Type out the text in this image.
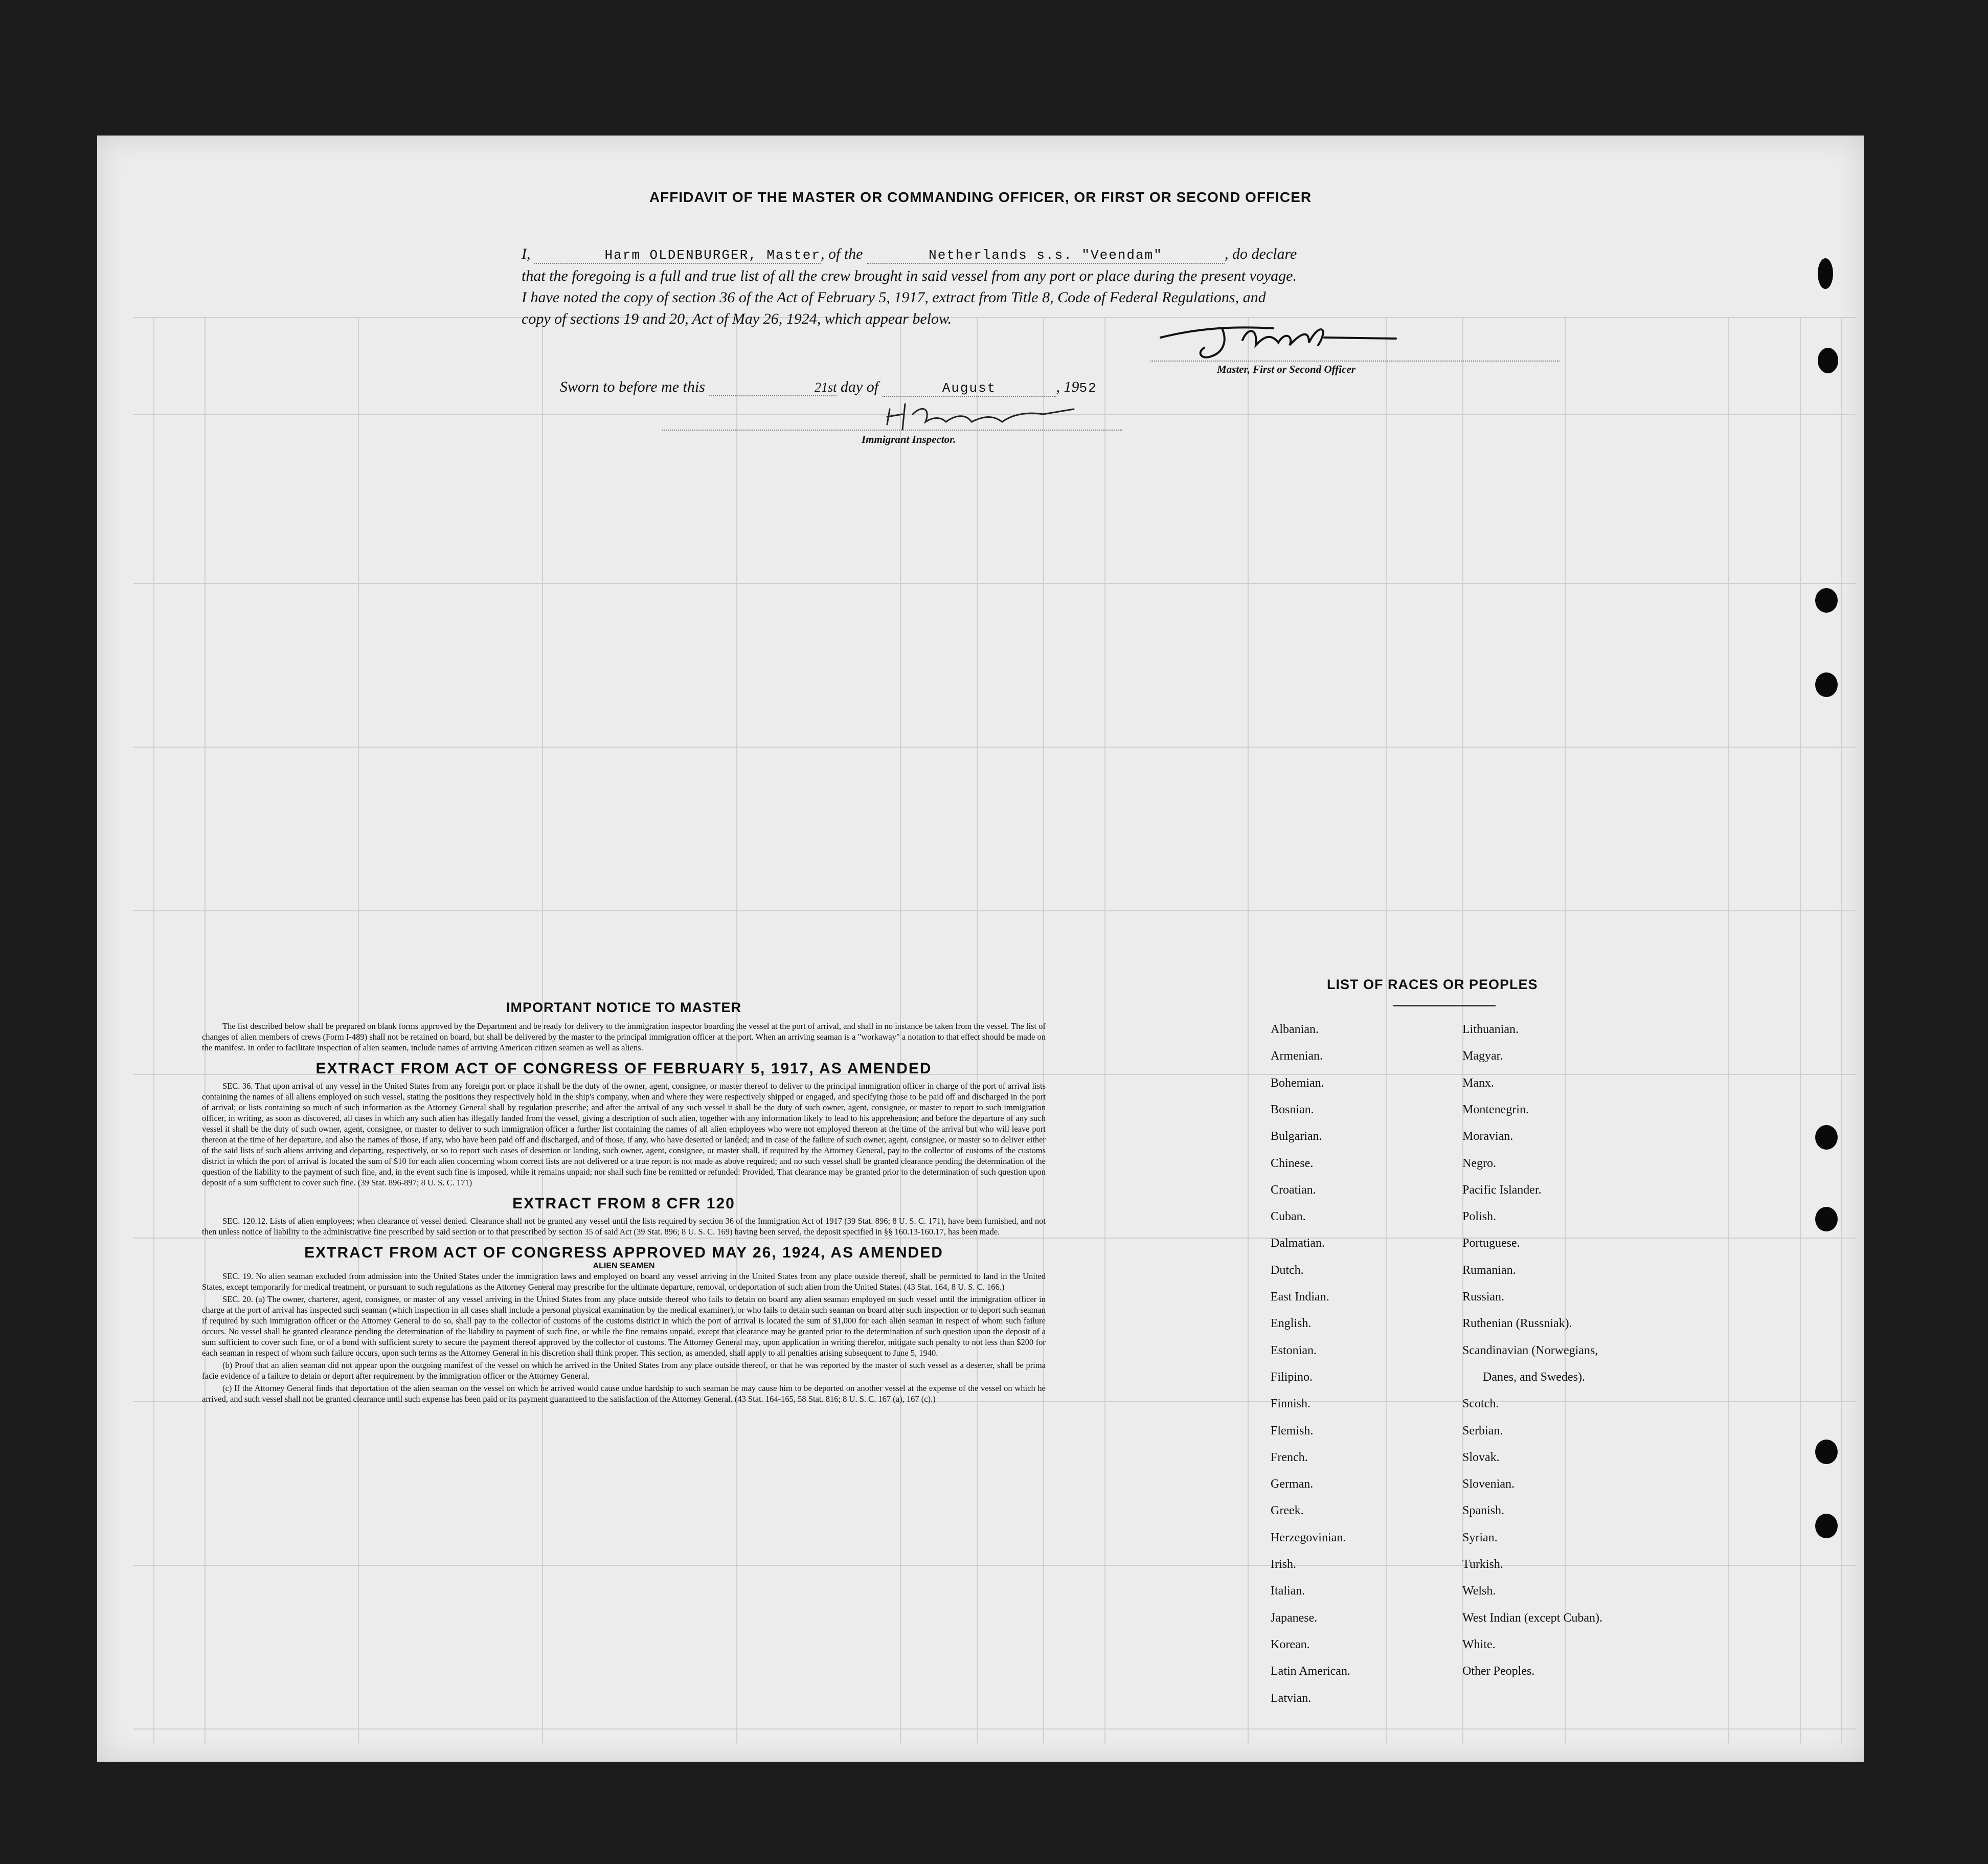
AFFIDAVIT OF THE MASTER OR COMMANDING OFFICER, OR FIRST OR SECOND OFFICER
I,	Harm OLDENBURGER, Master, of the	Netherlands s.s. "Veendam"	, do declare
that the foregoing is a full and true list of all the crew brought in said vessel from any port or place during the present voyage.
I have noted the copy of section 36 of the Act of February 5, 1917, extract from Title 8, Code of Federal Regulations, and
copy of sections 19 and 20, Act of May 26, 1924, which appear below.
Master, First or Second Officer
Sworn to before me this	21st day of	August	, 1952
Immigrant Inspector.
IMPORTANT NOTICE TO MASTER

The list described below shall be prepared on blank forms approved by the Department and be ready for delivery to the immigration inspector boarding the vessel at the port of arrival, and shall in no instance be taken from the vessel. The list of changes of alien members of crews (Form I-489) shall not be retained on board, but shall be delivered by the master to the principal immigration officer at the port. When an arriving seaman is a "workaway" a notation to that effect should be made on the manifest. In order to facilitate inspection of alien seamen, include names of arriving American citizen seamen as well as aliens.

EXTRACT FROM ACT OF CONGRESS OF FEBRUARY 5, 1917, AS AMENDED

SEC. 36. That upon arrival of any vessel in the United States from any foreign port or place it shall be the duty of the owner, agent, consignee, or master thereof to deliver to the principal immigration officer in charge of the port of arrival lists containing the names of all aliens employed on such vessel, stating the positions they respectively hold in the ship's company, when and where they were respectively shipped or engaged, and specifying those to be paid off and discharged in the port of arrival; or lists containing so much of such information as the Attorney General shall by regulation prescribe; and after the arrival of any such vessel it shall be the duty of such owner, agent, consignee, or master to report to such immigration officer, in writing, as soon as discovered, all cases in which any such alien has illegally landed from the vessel, giving a description of such alien, together with any information likely to lead to his apprehension; and before the departure of any such vessel it shall be the duty of such owner, agent, consignee, or master to deliver to such immigration officer a further list containing the names of all alien employees who were not employed thereon at the time of the arrival but who will leave port thereon at the time of her departure, and also the names of those, if any, who have been paid off and discharged, and of those, if any, who have deserted or landed; and in case of the failure of such owner, agent, consignee, or master so to deliver either of the said lists of such aliens arriving and departing, respectively, or so to report such cases of desertion or landing, such owner, agent, consignee, or master shall, if required by the Attorney General, pay to the collector of customs of the customs district in which the port of arrival is located the sum of $10 for each alien concerning whom correct lists are not delivered or a true report is not made as above required; and no such vessel shall be granted clearance pending the determination of the question of the liability to the payment of such fine, and, in the event such fine is imposed, while it remains unpaid; nor shall such fine be remitted or refunded: Provided, That clearance may be granted prior to the determination of such question upon deposit of a sum sufficient to cover such fine. (39 Stat. 896-897; 8 U. S. C. 171)

EXTRACT FROM 8 CFR 120

SEC. 120.12. Lists of alien employees; when clearance of vessel denied. Clearance shall not be granted any vessel until the lists required by section 36 of the Immigration Act of 1917 (39 Stat. 896; 8 U. S. C. 171), have been furnished, and not then unless notice of liability to the administrative fine prescribed by said section or to that prescribed by section 35 of said Act (39 Stat. 896; 8 U. S. C. 169) having been served, the deposit specified in §§ 160.13-160.17, has been made.

EXTRACT FROM ACT OF CONGRESS APPROVED MAY 26, 1924, AS AMENDED
ALIEN SEAMEN

SEC. 19. No alien seaman excluded from admission into the United States under the immigration laws and employed on board any vessel arriving in the United States from any place outside thereof, shall be permitted to land in the United States, except temporarily for medical treatment, or pursuant to such regulations as the Attorney General may prescribe for the ultimate departure, removal, or deportation of such alien from the United States. (43 Stat. 164, 8 U. S. C. 166.)

SEC. 20. (a) The owner, charterer, agent, consignee, or master of any vessel arriving in the United States from any place outside thereof who fails to detain on board any alien seaman employed on such vessel until the immigration officer in charge at the port of arrival has inspected such seaman (which inspection in all cases shall include a personal physical examination by the medical examiner), or who fails to detain such seaman on board after such inspection or to deport such seaman if required by such immigration officer or the Attorney General to do so, shall pay to the collector of customs of the customs district in which the port of arrival is located the sum of $1,000 for each alien seaman in respect of whom such failure occurs. No vessel shall be granted clearance pending the determination of the liability to payment of such fine, or while the fine remains unpaid, except that clearance may be granted prior to the determination of such question upon the deposit of a sum sufficient to cover such fine, or of a bond with sufficient surety to secure the payment thereof approved by the collector of customs. The Attorney General may, upon application in writing therefor, mitigate such penalty to not less than $200 for each seaman in respect of whom such failure occurs, upon such terms as the Attorney General in his discretion shall think proper. This section, as amended, shall apply to all penalties arising subsequent to June 5, 1940.

(b) Proof that an alien seaman did not appear upon the outgoing manifest of the vessel on which he arrived in the United States from any place outside thereof, or that he was reported by the master of such vessel as a deserter, shall be prima facie evidence of a failure to detain or deport after requirement by the immigration officer or the Attorney General.

(c) If the Attorney General finds that deportation of the alien seaman on the vessel on which he arrived would cause undue hardship to such seaman he may cause him to be deported on another vessel at the expense of the vessel on which he arrived, and such vessel shall not be granted clearance until such expense has been paid or its payment guaranteed to the satisfaction of the Attorney General. (43 Stat. 164-165, 58 Stat. 816; 8 U. S. C. 167 (a), 167 (c).)

LIST OF RACES OR PEOPLES
Albanian.
Armenian.
Bohemian.
Bosnian.
Bulgarian.
Chinese.
Croatian.
Cuban.
Dalmatian.
Dutch.
East Indian.
English.
Estonian.
Filipino.
Finnish.
Flemish.
French.
German.
Greek.
Herzegovinian.
Irish.
Italian.
Japanese.
Korean.
Latin American.
Latvian.
Lithuanian.
Magyar.
Manx.
Montenegrin.
Moravian.
Negro.
Pacific Islander.
Polish.
Portuguese.
Rumanian.
Russian.
Ruthenian (Russniak).
Scandinavian (Norwegians,
Danes, and Swedes).
Scotch.
Serbian.
Slovak.
Slovenian.
Spanish.
Syrian.
Turkish.
Welsh.
West Indian (except Cuban).
White.
Other Peoples.
